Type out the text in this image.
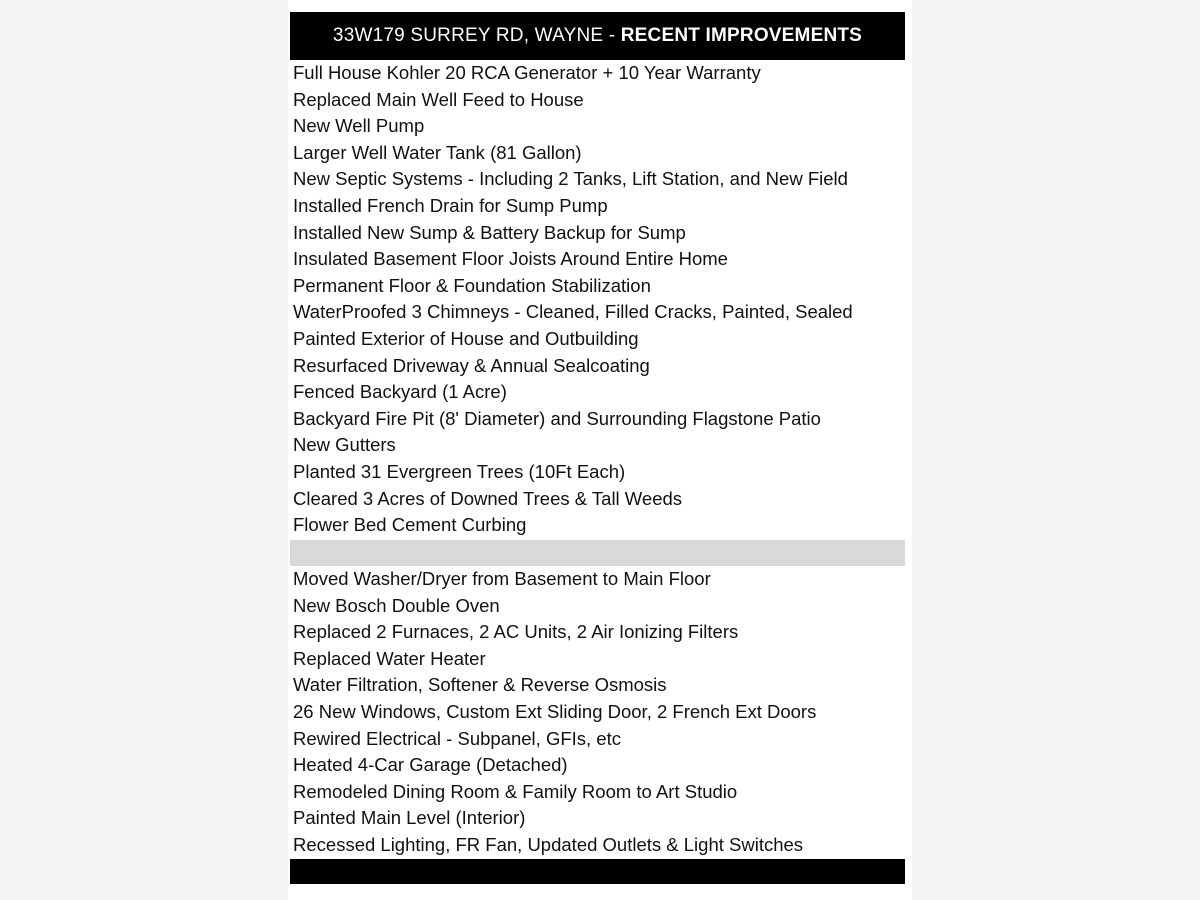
33W179 SURREY RD, WAYNE - RECENT IMPROVEMENTS
Full House Kohler 20 RCA Generator + 10 Year Warranty
Replaced Main Well Feed to House
New Well Pump
Larger Well Water Tank (81 Gallon)
New Septic Systems - Including 2 Tanks, Lift Station, and New Field
Installed French Drain for Sump Pump
Installed New Sump & Battery Backup for Sump
Insulated Basement Floor Joists Around Entire Home
Permanent Floor & Foundation Stabilization
WaterProofed 3 Chimneys - Cleaned, Filled Cracks, Painted, Sealed
Painted Exterior of House and Outbuilding
Resurfaced Driveway & Annual Sealcoating
Fenced Backyard (1 Acre)
Backyard Fire Pit (8' Diameter) and Surrounding Flagstone Patio
New Gutters
Planted 31 Evergreen Trees (10Ft Each)
Cleared 3 Acres of Downed Trees & Tall Weeds
Flower Bed Cement Curbing
Moved Washer/Dryer from Basement to Main Floor
New Bosch Double Oven
Replaced 2 Furnaces, 2 AC Units, 2 Air Ionizing Filters
Replaced Water Heater
Water Filtration, Softener & Reverse Osmosis
26 New Windows, Custom Ext Sliding Door, 2 French Ext Doors
Rewired Electrical - Subpanel, GFIs, etc
Heated 4-Car Garage (Detached)
Remodeled Dining Room & Family Room to Art Studio
Painted Main Level (Interior)
Recessed Lighting, FR Fan, Updated Outlets & Light Switches
